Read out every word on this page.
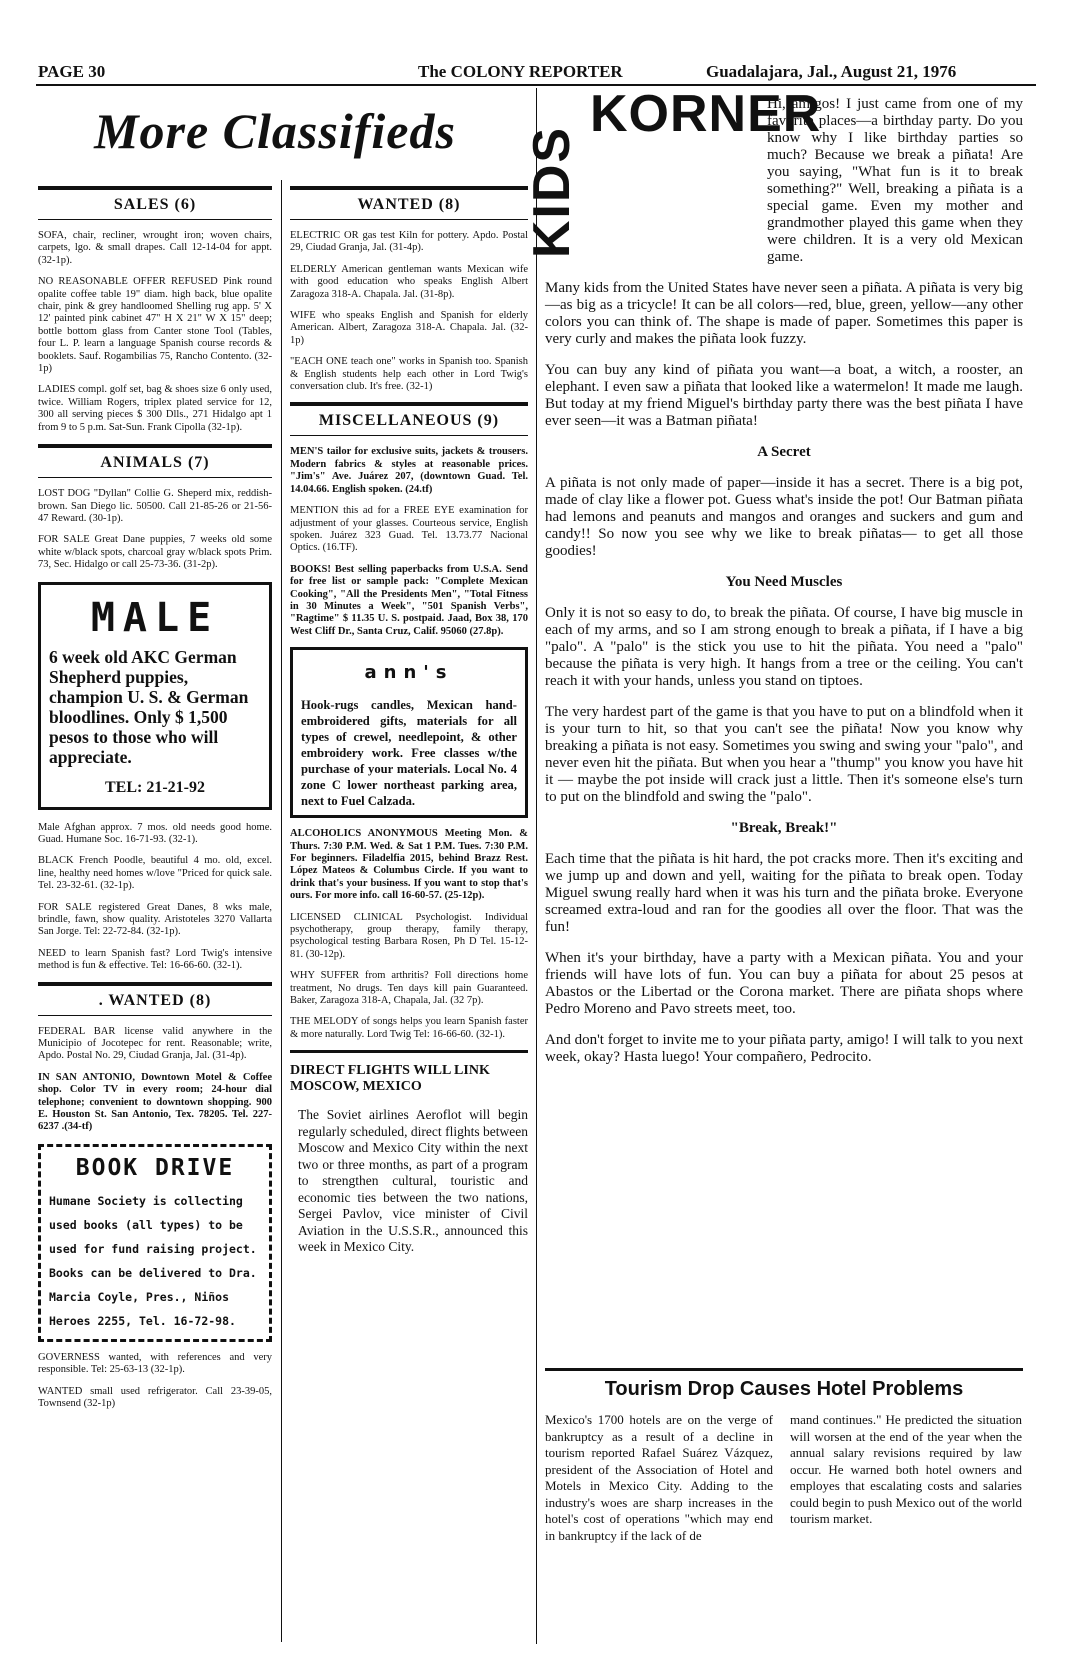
PAGE 30	The COLONY REPORTER	Guadalajara, Jal., August 21, 1976
More Classifieds
SALES (6)

SOFA, chair, recliner, wrought iron; woven chairs, carpets, lgo. & small drapes. Call 12-14-04 for appt. (32-1p).

NO REASONABLE OFFER REFUSED Pink round opalite coffee table 19" diam. high back, blue opalite chair, pink & grey handloomed Shelling rug app. 5' X 12' painted pink cabinet 47" H X 21" W X 15" deep; bottle bottom glass from Canter stone Tool (Tables, four L. P. learn a language Spanish course records & booklets. Sauf. Rogambilias 75, Rancho Contento. (32-1p)

LADIES compl. golf set, bag & shoes size 6 only used, twice. William Rogers, triplex plated service for 12, 300 all serving pieces $ 300 Dlls., 271 Hidalgo apt 1 from 9 to 5 p.m. Sat-Sun. Frank Cipolla (32-1p).

ANIMALS (7)

LOST DOG "Dyllan" Collie G. Sheperd mix, reddish-brown. San Diego lic. 50500. Call 21-85-26 or 21-56-47 Reward. (30-1p).

FOR SALE Great Dane puppies, 7 weeks old some white w/black spots, charcoal gray w/black spots Prim. 73, Sec. Hidalgo or call 25-73-36. (31-2p).

MALE
6 week old AKC German Shepherd puppies, champion U. S. & German bloodlines. Only $ 1,500 pesos to those who will appreciate.
TEL: 21-21-92

Male Afghan approx. 7 mos. old needs good home. Guad. Humane Soc. 16-71-93. (32-1).

BLACK French Poodle, beautiful 4 mo. old, excel. line, healthy need homes w/love "Priced for quick sale. Tel. 23-32-61. (32-1p).

FOR SALE registered Great Danes, 8 wks male, brindle, fawn, show quality. Aristoteles 3270 Vallarta San Jorge. Tel: 22-72-84. (32-1p).

NEED to learn Spanish fast? Lord Twig's intensive method is fun & effective. Tel: 16-66-60. (32-1).

. WANTED (8)

FEDERAL BAR license valid anywhere in the Municipio of Jocotepec for rent. Reasonable; write, Apdo. Postal No. 29, Ciudad Granja, Jal. (31-4p).

IN SAN ANTONIO, Downtown Motel & Coffee shop. Color TV in every room; 24-hour dial telephone; convenient to downtown shopping. 900 E. Houston St. San Antonio, Tex. 78205. Tel. 227-6237 .(34-tf)

BOOK DRIVE
Humane Society is collecting used books (all types) to be used for fund raising project. Books can be delivered to Dra. Marcia Coyle, Pres., Niños Heroes 2255, Tel. 16-72-98.

GOVERNESS wanted, with references and very responsible. Tel: 25-63-13 (32-1p).

WANTED small used refrigerator. Call 23-39-05, Townsend (32-1p)

WANTED (8)

ELECTRIC OR gas test Kiln for pottery. Apdo. Postal 29, Ciudad Granja, Jal. (31-4p).

ELDERLY American gentleman wants Mexican wife with good education who speaks English Albert Zaragoza 318-A. Chapala. Jal. (31-8p).

WIFE who speaks English and Spanish for elderly American. Albert, Zaragoza 318-A. Chapala. Jal. (32-1p)

"EACH ONE teach one" works in Spanish too. Spanish & English students help each other in Lord Twig's conversation club. It's free. (32-1)

MISCELLANEOUS (9)

MEN'S tailor for exclusive suits, jackets & trousers. Modern fabrics & styles at reasonable prices. "Jim's" Ave. Juárez 207, (downtown Guad. Tel. 14.04.66. English spoken. (24.tf)

MENTION this ad for a FREE EYE examination for adjustment of your glasses. Courteous service, English spoken. Juárez 323 Guad. Tel. 13.73.77 Nacional Optics. (16.TF).

BOOKS! Best selling paperbacks from U.S.A. Send for free list or sample pack: "Complete Mexican Cooking", "All the Presidents Men", "Total Fitness in 30 Minutes a Week", "501 Spanish Verbs", "Ragtime" $ 11.35 U. S. postpaid. Jaad, Box 38, 170 West Cliff Dr., Santa Cruz, Calif. 95060 (27.8p).

ann's
Hook-rugs candles, Mexican hand-embroidered gifts, materials for all types of crewel, needlepoint, & other embroidery work. Free classes w/the purchase of your materials. Local No. 4 zone C lower northeast parking area, next to Fuel Calzada.

ALCOHOLICS ANONYMOUS Meeting Mon. & Thurs. 7:30 P.M. Wed. & Sat 1 P.M. Tues. 7:30 P.M. For beginners. Filadelfia 2015, behind Brazz Rest. López Mateos & Columbus Circle. If you want to drink that's your business. If you want to stop that's ours. For more info. call 16-60-57. (25-12p).

LICENSED CLINICAL Psychologist. Individual psychotherapy, group therapy, family therapy, psychological testing Barbara Rosen, Ph D Tel. 15-12-81. (30-12p).

WHY SUFFER from arthritis? Foll directions home treatment, No drugs. Ten days kill pain Guaranteed. Baker, Zaragoza 318-A, Chapala, Jal. (32 7p).

THE MELODY of songs helps you learn Spanish faster & more naturally. Lord Twig Tel: 16-66-60. (32-1).

DIRECT FLIGHTS WILL LINK MOSCOW, MEXICO

The Soviet airlines Aeroflot will begin regularly scheduled, direct flights between Moscow and Mexico City within the next two or three months, as part of a program to strengthen cultural, touristic and economic ties between the two nations, Sergei Pavlov, vice minister of Civil Aviation in the U.S.S.R., announced this week in Mexico City.

KIDS
KORNER

Hi, amigos! I just came from one of my favorite places—a birthday party. Do you know why I like birthday parties so much? Because we break a piñata! Are you saying, "What fun is it to break something?" Well, breaking a piñata is a special game. Even my mother and grandmother played this game when they were children. It is a very old Mexican game.

Many kids from the United States have never seen a piñata. A piñata is very big—as big as a tricycle! It can be all colors—red, blue, green, yellow—any other colors you can think of. The shape is made of paper. Sometimes this paper is very curly and makes the piñata look fuzzy.

You can buy any kind of piñata you want—a boat, a witch, a rooster, an elephant. I even saw a piñata that looked like a watermelon! It made me laugh. But today at my friend Miguel's birthday party there was the best piñata I have ever seen—it was a Batman piñata!

A Secret

A piñata is not only made of paper—inside it has a secret. There is a big pot, made of clay like a flower pot. Guess what's inside the pot! Our Batman piñata had lemons and peanuts and mangos and oranges and suckers and gum and candy!! So now you see why we like to break piñatas— to get all those goodies!

You Need Muscles

Only it is not so easy to do, to break the piñata. Of course, I have big muscle in each of my arms, and so I am strong enough to break a piñata, if I have a big "palo". A "palo" is the stick you use to hit the piñata. You need a "palo" because the piñata is very high. It hangs from a tree or the ceiling. You can't reach it with your hands, unless you stand on tiptoes.

The very hardest part of the game is that you have to put on a blindfold when it is your turn to hit, so that you can't see the piñata! Now you know why breaking a piñata is not easy. Sometimes you swing and swing your "palo", and never even hit the piñata. But when you hear a "thump" you know you have hit it — maybe the pot inside will crack just a little. Then it's someone else's turn to put on the blindfold and swing the "palo".

"Break, Break!"

Each time that the piñata is hit hard, the pot cracks more. Then it's exciting and we jump up and down and yell, waiting for the piñata to break open. Today Miguel swung really hard when it was his turn and the piñata broke. Everyone screamed extra-loud and ran for the goodies all over the floor. That was the fun!

When it's your birthday, have a party with a Mexican piñata. You and your friends will have lots of fun. You can buy a piñata for about 25 pesos at Abastos or the Libertad or the Corona market. There are piñata shops where Pedro Moreno and Pavo streets meet, too.

And don't forget to invite me to your piñata party, amigo! I will talk to you next week, okay? Hasta luego! Your compañero, Pedrocito.

Tourism Drop Causes Hotel Problems

Mexico's 1700 hotels are on the verge of bankruptcy as a result of a decline in tourism reported Rafael Suárez Vázquez, president of the Association of Hotel and Motels in Mexico City. Adding to the industry's woes are sharp increases in the hotel's cost of operations "which may end in bankruptcy if the lack of de

mand continues." He predicted the situation will worsen at the end of the year when the annual salary revisions required by law occur. He warned both hotel owners and employes that escalating costs and salaries could begin to push Mexico out of the world tourism market.
